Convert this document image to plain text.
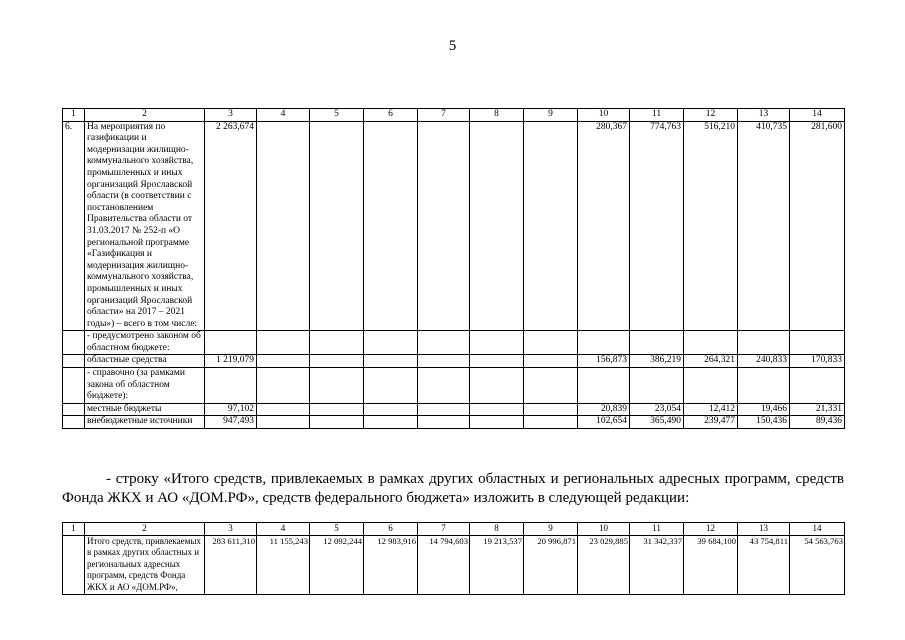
5
1	2	3	4	5	6	7	8	9	10	11	12	13	14
6.	На мероприятия по газификации и модернизации жилищно-коммунального хозяйства, промышленных и иных организаций Ярославской области (в соответствии с постановлением Правительства области от 31.03.2017 № 252-п «О региональной программе «Газификация и модернизация жилищно-коммунального хозяйства, промышленных и иных организаций Ярославской области» на 2017 – 2021 годы») – всего в том числе:	2 263,674							280,367	774,763	516,210	410,735	281,600
	- предусмотрено законом об областном бюджете:												
	областные средства	1 219,079							156,873	386,219	264,321	240,833	170,833
	- справочно (за рамками закона об областном бюджете):												
	местные бюджеты	97,102							20,839	23,054	12,412	19,466	21,331
	внебюджетные источники	947,493							102,654	365,490	239,477	150,436	89,436
- строку «Итого средств, привлекаемых в рамках других областных и региональных адресных программ, средств Фонда ЖКХ и АО «ДОМ.РФ», средств федерального бюджета» изложить в следующей редакции:
1	2	3	4	5	6	7	8	9	10	11	12	13	14
	Итого средств, привлекаемых в рамках других областных и региональных адресных программ, средств Фонда ЖКХ и АО «ДОМ.РФ»,	283 611,310	11 155,243	12 092,244	12 983,916	14 794,603	19 213,537	20 996,871	23 029,885	31 342,337	39 684,100	43 754,811	54 563,763
